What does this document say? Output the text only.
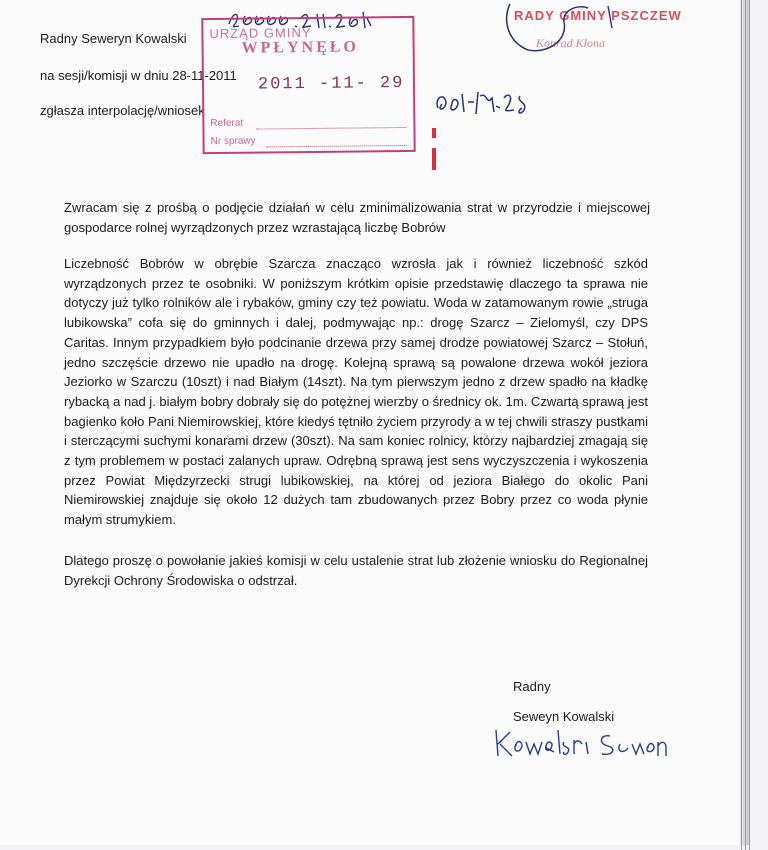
Radny Seweryn Kowalski
na sesji/komisji w dniu 28-11-2011
zgłasza interpolację/wniosek
URZĄD GMINY
WPŁYNĘŁO
2011 -11- 29
Referat
Nr sprawy
RADY GMINY PSZCZEW
Konrad Kłona
Zwracam się z prośbą o podjęcie działań w celu zminimalizowania strat w przyrodzie i miejscowej gospodarce rolnej wyrządzonych przez wzrastającą liczbę Bobrów
Liczebność Bobrów w obrębie Szarcza znacząco wzrosła jak i również liczebność szkód wyrządzonych przez te osobniki. W poniższym krótkim opisie przedstawię dlaczego ta sprawa nie dotyczy już tylko rolników ale i rybaków, gminy czy też powiatu. Woda w zatamowanym rowie „struga lubikowska” cofa się do gminnych i dalej, podmywając np.: drogę Szarcz – Zielomyśl, czy DPS Caritas. Innym przypadkiem było podcinanie drzewa przy samej drodze powiatowej Szarcz – Stołuń, jedno szczęście drzewo nie upadło na drogę. Kolejną sprawą są powalone drzewa wokół jeziora Jeziorko w Szarczu (10szt) i nad Białym (14szt). Na tym pierwszym jedno z drzew spadło na kładkę rybacką a nad j. białym bobry dobrały się do potężnej wierzby o średnicy ok. 1m. Czwartą sprawą jest bagienko koło Pani Niemirowskiej, które kiedyś tętniło życiem przyrody a w tej chwili straszy pustkami i sterczącymi suchymi konarami drzew (30szt). Na sam koniec rolnicy, którzy najbardziej zmagają się z tym problemem w postaci zalanych upraw. Odrębną sprawą jest sens wyczyszczenia i wykoszenia przez Powiat Międzyrzecki strugi lubikowskiej, na której od jeziora Białego do okolic Pani Niemirowskiej znajduje się około 12 dużych tam zbudowanych przez Bobry przez co woda płynie małym strumykiem.
Dlatego proszę o powołanie jakieś komisji w celu ustalenie strat lub złożenie wniosku do Regionalnej Dyrekcji Ochrony Środowiska o odstrzał.
Radny
Seweyn Kowalski
